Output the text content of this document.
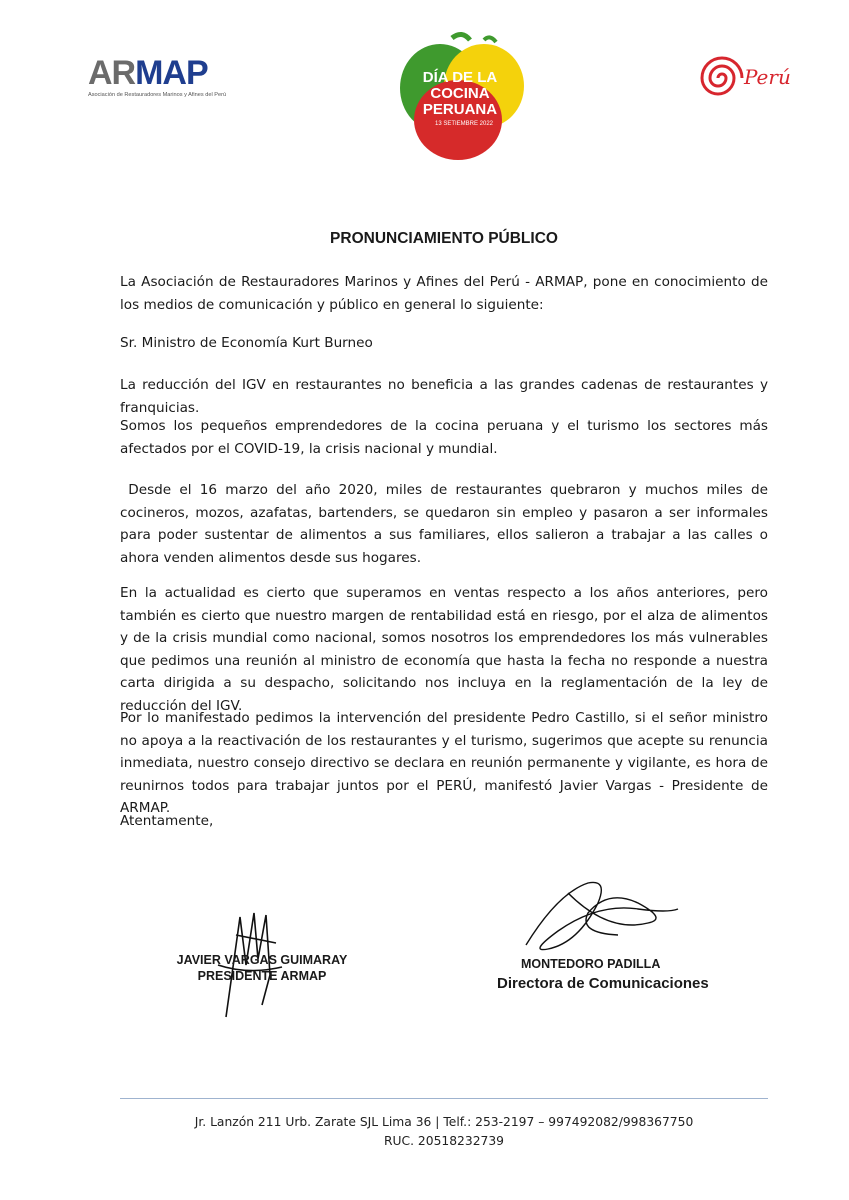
ARMAP
Asociación de Restauradores Marinos y Afines del Perú
DÍA DE LA
COCINA
PERUANA
13 SETIEMBRE 2022
Perú
PRONUNCIAMIENTO PÚBLICO
La Asociación de Restauradores Marinos y Afines del Perú - ARMAP, pone en conocimiento de los medios de comunicación y público en general lo siguiente:
Sr. Ministro de Economía Kurt Burneo
La reducción del IGV en restaurantes no beneficia a las grandes cadenas de restaurantes y franquicias.
Somos los pequeños emprendedores de la cocina peruana y el turismo los sectores más afectados por el COVID-19, la crisis nacional y mundial.
Desde el 16 marzo del año 2020, miles de restaurantes quebraron y muchos miles de cocineros, mozos, azafatas, bartenders, se quedaron sin empleo y pasaron a ser informales para poder sustentar de alimentos a sus familiares, ellos salieron a trabajar a las calles o ahora venden alimentos desde sus hogares.
En la actualidad es cierto que superamos en ventas respecto a los años anteriores, pero también es cierto que nuestro margen de rentabilidad está en riesgo, por el alza de alimentos y de la crisis mundial como nacional, somos nosotros los emprendedores los más vulnerables que pedimos una reunión al ministro de economía que hasta la fecha no responde a nuestra carta dirigida a su despacho, solicitando nos incluya en la reglamentación de la ley de reducción del IGV.
Por lo manifestado pedimos la intervención del presidente Pedro Castillo, si el señor ministro no apoya a la reactivación de los restaurantes y el turismo, sugerimos que acepte su renuncia inmediata, nuestro consejo directivo se declara en reunión permanente y vigilante, es hora de reunirnos todos para trabajar juntos por el PERÚ, manifestó Javier Vargas - Presidente de ARMAP.
Atentamente,
JAVIER VARGAS GUIMARAY
PRESIDENTE ARMAP
MONTEDORO PADILLA
Directora de Comunicaciones
Jr. Lanzón 211 Urb. Zarate SJL Lima 36 | Telf.: 253-2197 – 997492082/998367750
RUC. 20518232739
